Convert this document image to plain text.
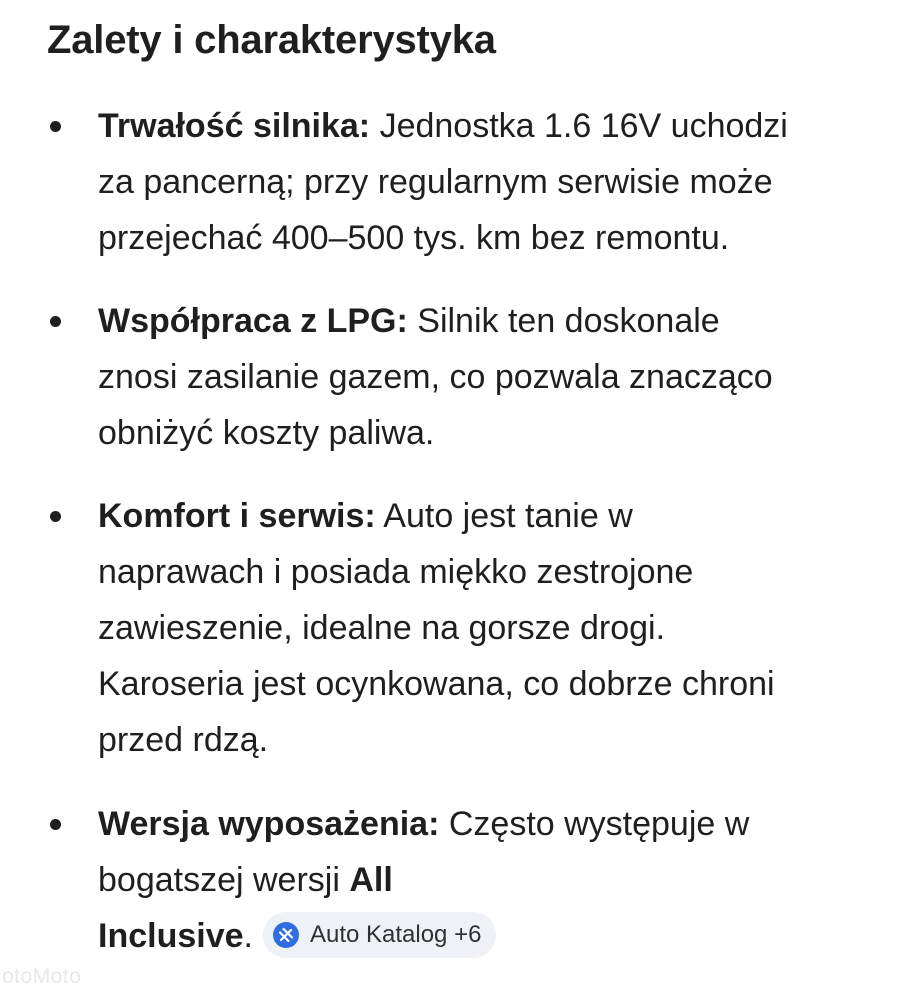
Zalety i charakterystyka
Trwałość silnika: Jednostka 1.6 16V uchodzi
za pancerną; przy regularnym serwisie może
przejechać 400–500 tys. km bez remontu.
Współpraca z LPG: Silnik ten doskonale
znosi zasilanie gazem, co pozwala znacząco
obniżyć koszty paliwa.
Komfort i serwis: Auto jest tanie w
naprawach i posiada miękko zestrojone
zawieszenie, idealne na gorsze drogi.
Karoseria jest ocynkowana, co dobrze chroni
przed rdzą.
Wersja wyposażenia: Często występuje w
bogatszej wersji All
Inclusive. Auto Katalog +6
otoMoto
